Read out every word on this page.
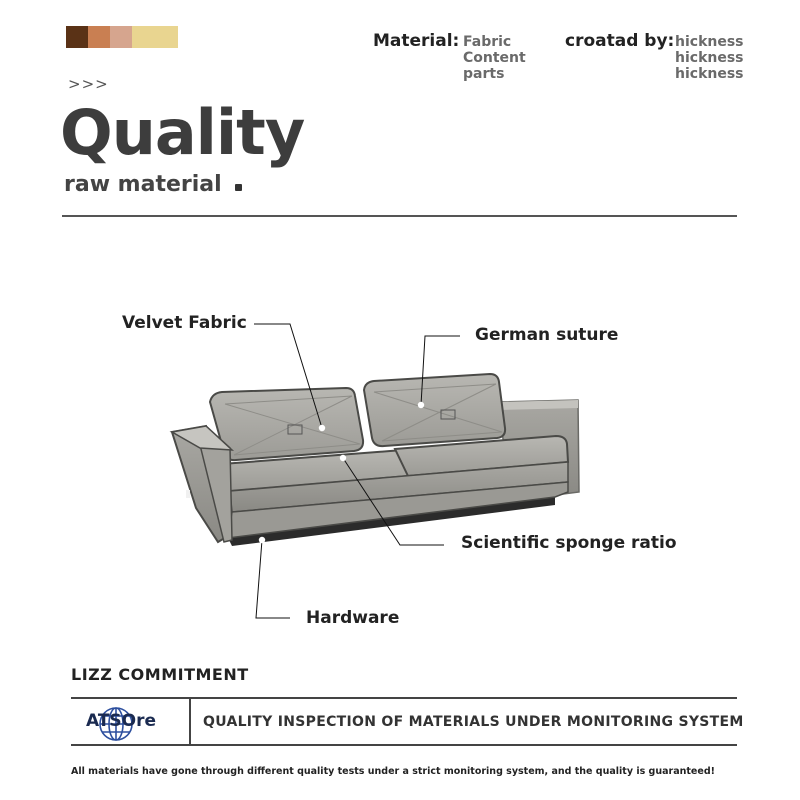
Material: Fabric
Content
parts
croatad by: hickness
hickness
hickness
>>>
Quality
raw material
Velvet Fabric
German suture
Scientific sponge ratio
Hardware
LIZZ COMMITMENT
ATSOre	QUALITY INSPECTION OF MATERIALS UNDER MONITORING SYSTEM
All materials have gone through different quality tests under a strict monitoring system, and the quality is guaranteed!
